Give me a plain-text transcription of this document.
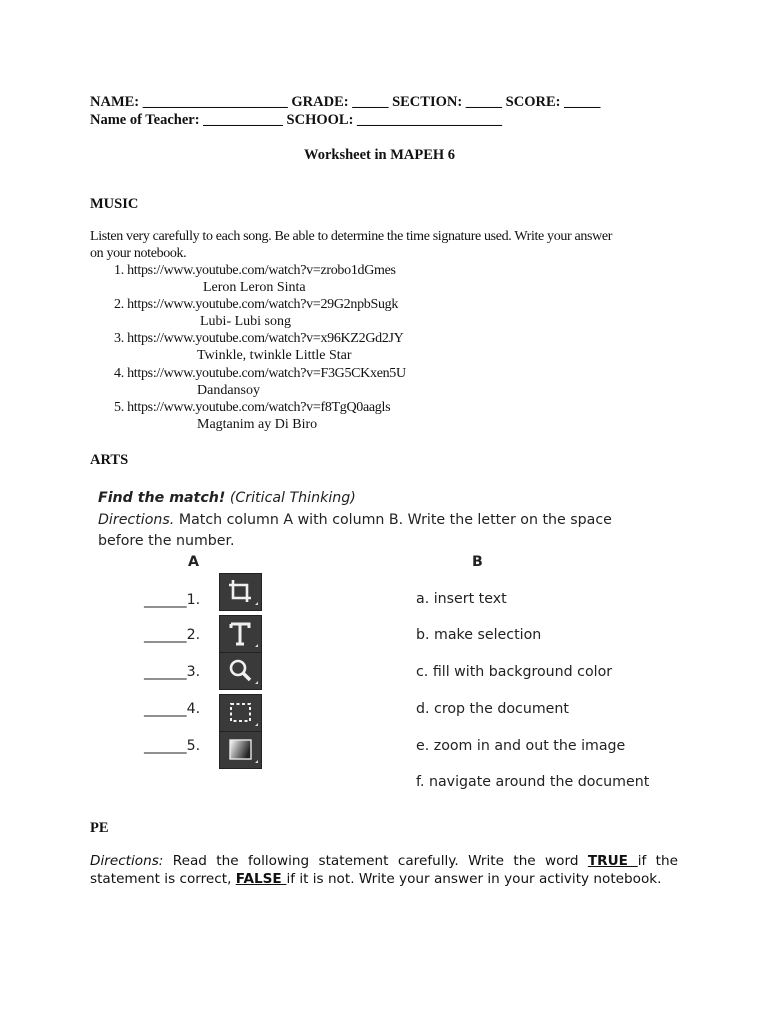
NAME: ____________________ GRADE: _____ SECTION: _____ SCORE: _____
Name of Teacher: ___________ SCHOOL: ____________________
Worksheet in MAPEH 6
MUSIC
Listen very carefully to each song. Be able to determine the time signature used. Write your answer
on your notebook.
1. https://www.youtube.com/watch?v=zrobo1dGmes
Leron Leron Sinta
2. https://www.youtube.com/watch?v=29G2npbSugk
Lubi- Lubi song
3. https://www.youtube.com/watch?v=x96KZ2Gd2JY
Twinkle, twinkle Little Star
4. https://www.youtube.com/watch?v=F3G5CKxen5U
Dandansoy
5. https://www.youtube.com/watch?v=f8TgQ0aagls
Magtanim ay Di Biro
ARTS
Find the match! (Critical Thinking)
Directions. Match column A with column B. Write the letter on the space
before the number.
A	B
______1.
______2.
______3.
______4.
______5.
a. insert text
b. make selection
c. fill with background color
d. crop the document
e. zoom in and out the image
f. navigate around the document
PE
Directions: Read the following statement carefully. Write the word TRUE if the statement is correct, FALSE if it is not. Write your answer in your activity notebook.
